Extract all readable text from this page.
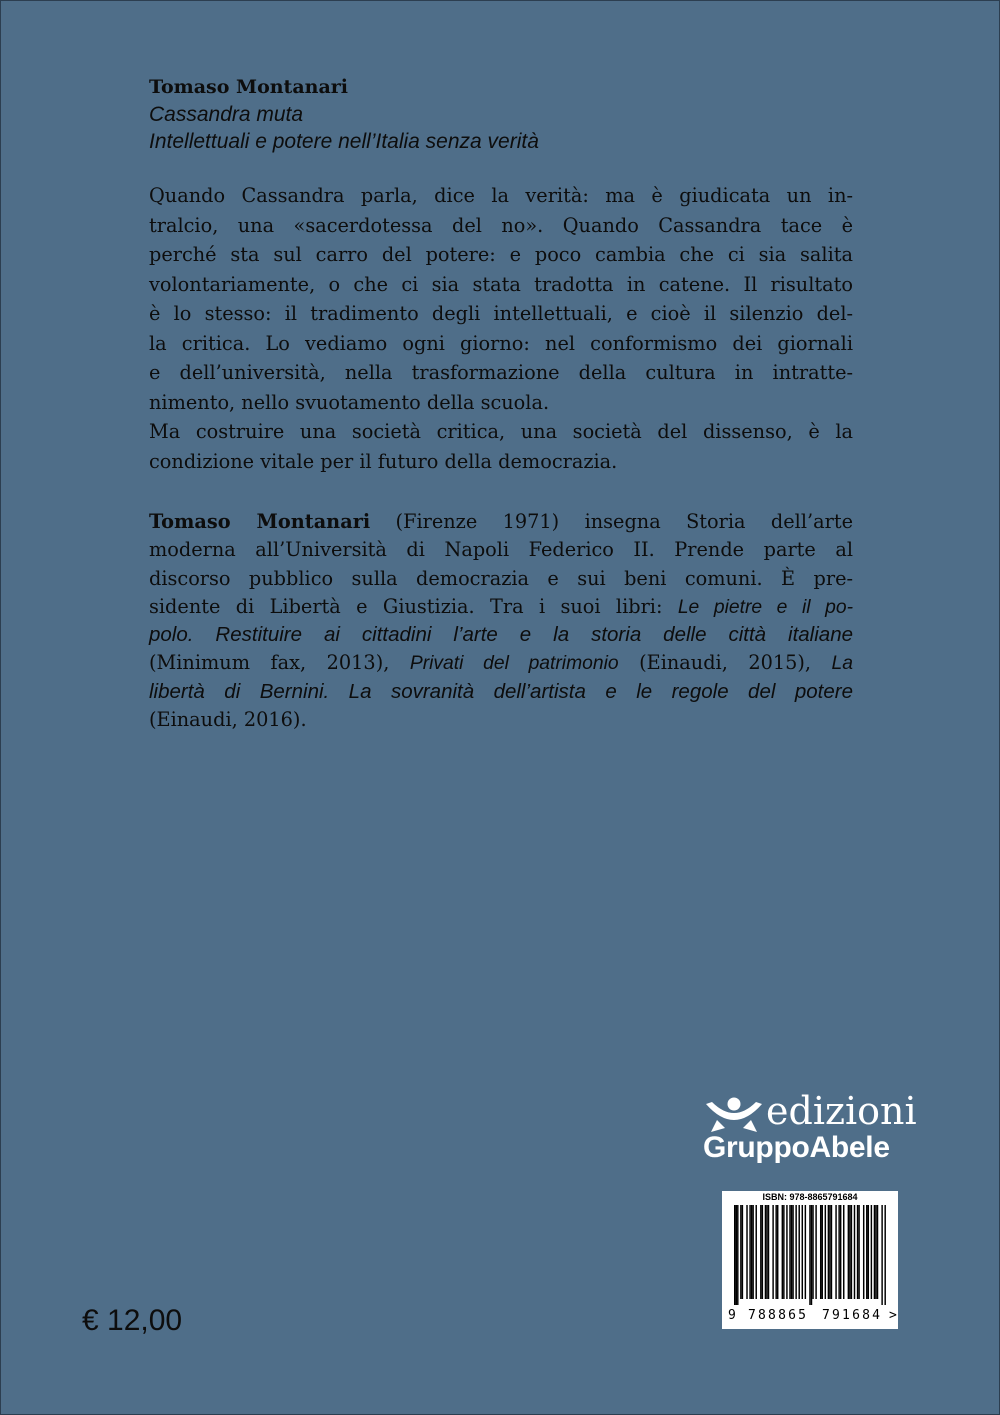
Tomaso Montanari
Cassandra muta
Intellettuali e potere nell’Italia senza verità
Quando Cassandra parla, dice la verità: ma è giudicata un in-
tralcio, una «sacerdotessa del no». Quando Cassandra tace è
perché sta sul carro del potere: e poco cambia che ci sia salita
volontariamente, o che ci sia stata tradotta in catene. Il risultato
è lo stesso: il tradimento degli intellettuali, e cioè il silenzio del-
la critica. Lo vediamo ogni giorno: nel conformismo dei giornali
e dell’università, nella trasformazione della cultura in intratte-
nimento, nello svuotamento della scuola.
Ma costruire una società critica, una società del dissenso, è la
condizione vitale per il futuro della democrazia.
Tomaso Montanari (Firenze 1971) insegna Storia dell’arte
moderna all’Università di Napoli Federico II. Prende parte al
discorso pubblico sulla democrazia e sui beni comuni. È pre-
sidente di Libertà e Giustizia. Tra i suoi libri: Le pietre e il po-
polo. Restituire ai cittadini l’arte e la storia delle città italiane
(Minimum fax, 2013), Privati del patrimonio (Einaudi, 2015), La
libertà di Bernini. La sovranità dell’artista e le regole del potere
(Einaudi, 2016).
€ 12,00
edizioni
GruppoAbele
ISBN: 978-8865791684
9 788865 791684 >
